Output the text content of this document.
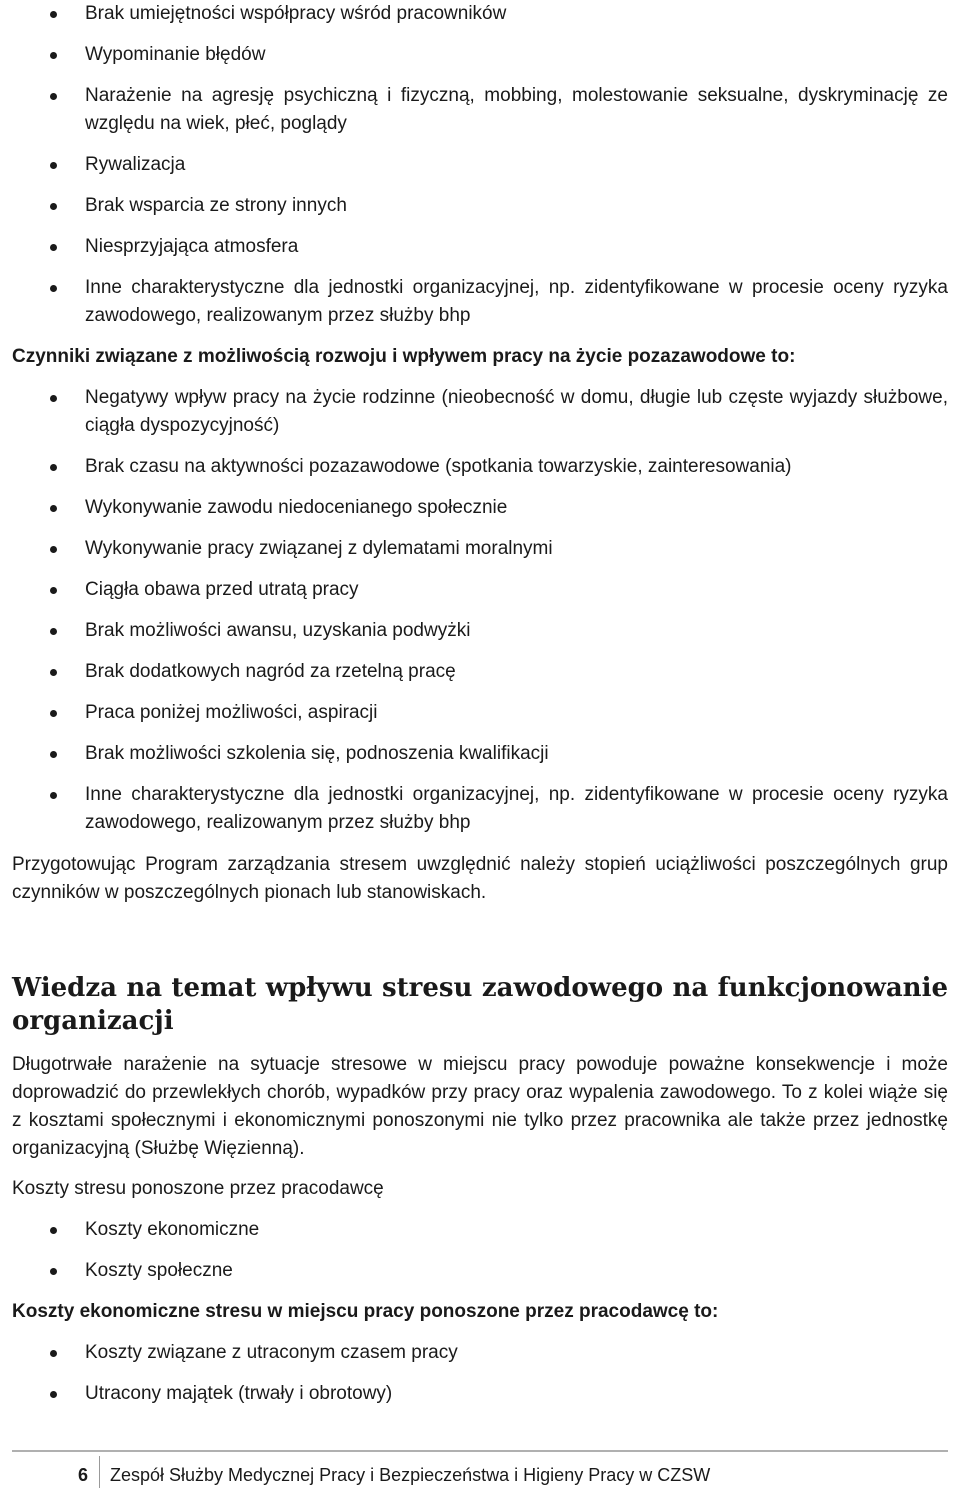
Brak umiejętności współpracy wśród pracowników
Wypominanie błędów
Narażenie na agresję psychiczną i fizyczną, mobbing, molestowanie seksualne, dyskryminację ze względu na wiek, płeć, poglądy
Rywalizacja
Brak wsparcia ze strony innych
Niesprzyjająca atmosfera
Inne charakterystyczne dla jednostki organizacyjnej, np. zidentyfikowane w procesie oceny ryzyka zawodowego, realizowanym przez służby bhp
Czynniki związane z możliwością rozwoju i wpływem pracy na życie pozazawodowe to:
Negatywy wpływ pracy na życie rodzinne (nieobecność w domu, długie lub częste wyjazdy służbowe, ciągła dyspozycyjność)
Brak czasu na aktywności pozazawodowe (spotkania towarzyskie, zainteresowania)
Wykonywanie zawodu niedocenianego społecznie
Wykonywanie pracy związanej z dylematami moralnymi
Ciągła obawa przed utratą pracy
Brak możliwości awansu, uzyskania podwyżki
Brak dodatkowych nagród za rzetelną pracę
Praca poniżej możliwości, aspiracji
Brak możliwości szkolenia się, podnoszenia kwalifikacji
Inne charakterystyczne dla jednostki organizacyjnej, np. zidentyfikowane w procesie oceny ryzyka zawodowego, realizowanym przez służby bhp
Przygotowując Program zarządzania stresem uwzględnić należy stopień uciążliwości poszczególnych grup czynników w poszczególnych pionach lub stanowiskach.
Wiedza na temat wpływu stresu zawodowego na funkcjonowanie organizacji
Długotrwałe narażenie na sytuacje stresowe w miejscu pracy powoduje poważne konsekwencje i może doprowadzić do przewlekłych chorób, wypadków przy pracy oraz wypalenia zawodowego. To z kolei wiąże się z kosztami społecznymi i ekonomicznymi ponoszonymi nie tylko przez pracownika ale także przez jednostkę organizacyjną (Służbę Więzienną).
Koszty stresu ponoszone przez pracodawcę
Koszty ekonomiczne
Koszty społeczne
Koszty ekonomiczne stresu w miejscu pracy ponoszone przez pracodawcę to:
Koszty związane z utraconym czasem pracy
Utracony majątek (trwały i obrotowy)
6 Zespół Służby Medycznej Pracy i Bezpieczeństwa i Higieny Pracy w CZSW
